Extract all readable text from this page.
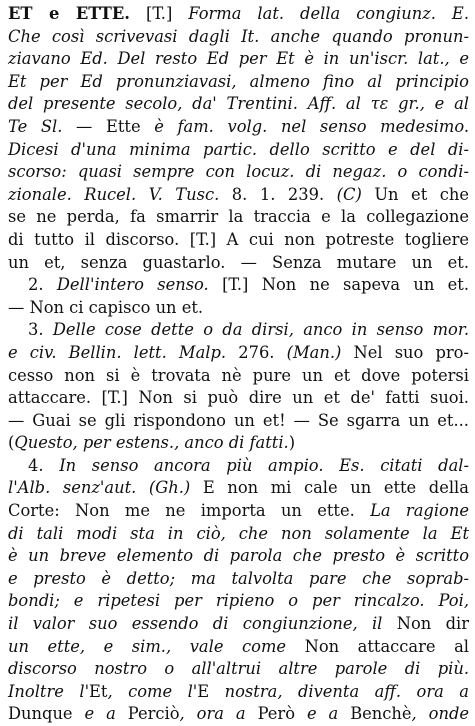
ET e ETTE. [T.] Forma lat. della congiunz. E.
Che così scrivevasi dagli It. anche quando pronun-
ziavano Ed. Del resto Ed per Et è in un'iscr. lat., e
Et per Ed pronunziavasi, almeno fino al principio
del presente secolo, da' Trentini. Aff. al τε gr., e al
Te Sl. — Ette è fam. volg. nel senso medesimo.
Dicesi d'una minima partic. dello scritto e del di-
scorso: quasi sempre con locuz. di negaz. o condi-
zionale. Rucel. V. Tusc. 8. 1. 239. (C) Un et che
se ne perda, fa smarrir la traccia e la collegazione
di tutto il discorso. [T.] A cui non potreste togliere
un et, senza guastarlo. — Senza mutare un et.
2. Dell'intero senso. [T.] Non ne sapeva un et.
— Non ci capisco un et.
3. Delle cose dette o da dirsi, anco in senso mor.
e civ. Bellin. lett. Malp. 276. (Man.) Nel suo pro-
cesso non si è trovata nè pure un et dove potersi
attaccare. [T.] Non si può dire un et de' fatti suoi.
— Guai se gli rispondono un et! — Se sgarra un et...
(Questo, per estens., anco di fatti.)
4. In senso ancora più ampio. Es. citati dal-
l'Alb. senz'aut. (Gh.) E non mi cale un ette della
Corte: Non me ne importa un ette. La ragione
di tali modi sta in ciò, che non solamente la Et
è un breve elemento di parola che presto è scritto
e presto è detto; ma talvolta pare che soprab-
bondi; e ripetesi per ripieno o per rincalzo. Poi,
il valor suo essendo di congiunzione, il Non dir
un ette, e sim., vale come Non attaccare al
discorso nostro o all'altrui altre parole di più.
Inoltre l'Et, come l'E nostra, diventa aff. ora a
Dunque e a Perciò, ora a Però e a Benchè, onde
